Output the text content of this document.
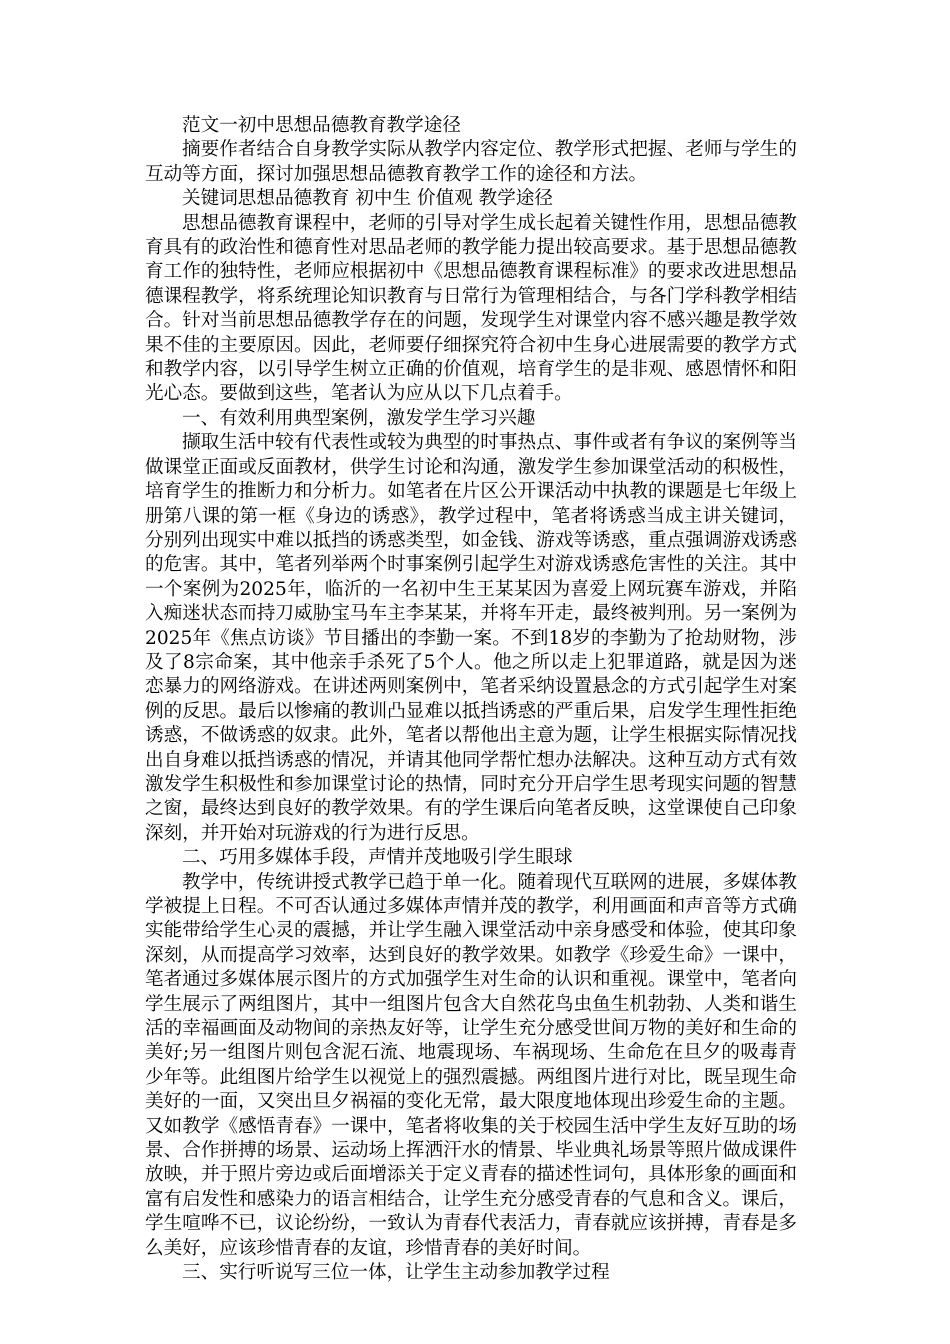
范文一初中思想品德教育教学途径

摘要作者结合自身教学实际从教学内容定位、教学形式把握、老师与学生的互动等方面，探讨加强思想品德教育教学工作的途径和方法。

关键词思想品德教育 初中生 价值观 教学途径

思想品德教育课程中，老师的引导对学生成长起着关键性作用，思想品德教育具有的政治性和德育性对思品老师的教学能力提出较高要求。基于思想品德教育工作的独特性，老师应根据初中《思想品德教育课程标准》的要求改进思想品德课程教学，将系统理论知识教育与日常行为管理相结合，与各门学科教学相结合。针对当前思想品德教学存在的问题，发现学生对课堂内容不感兴趣是教学效果不佳的主要原因。因此，老师要仔细探究符合初中生身心进展需要的教学方式和教学内容，以引导学生树立正确的价值观，培育学生的是非观、感恩情怀和阳光心态。要做到这些，笔者认为应从以下几点着手。

一、有效利用典型案例，激发学生学习兴趣

撷取生活中较有代表性或较为典型的时事热点、事件或者有争议的案例等当做课堂正面或反面教材，供学生讨论和沟通，激发学生参加课堂活动的积极性，培育学生的推断力和分析力。如笔者在片区公开课活动中执教的课题是七年级上册第八课的第一框《身边的诱惑》，教学过程中，笔者将诱惑当成主讲关键词，分别列出现实中难以抵挡的诱惑类型，如金钱、游戏等诱惑，重点强调游戏诱惑的危害。其中，笔者列举两个时事案例引起学生对游戏诱惑危害性的关注。其中一个案例为2025年，临沂的一名初中生王某某因为喜爱上网玩赛车游戏，并陷入痴迷状态而持刀威胁宝马车主李某某，并将车开走，最终被判刑。另一案例为2025年《焦点访谈》节目播出的李勤一案。不到18岁的李勤为了抢劫财物，涉及了8宗命案，其中他亲手杀死了5个人。他之所以走上犯罪道路，就是因为迷恋暴力的网络游戏。在讲述两则案例中，笔者采纳设置悬念的方式引起学生对案例的反思。最后以惨痛的教训凸显难以抵挡诱惑的严重后果，启发学生理性拒绝诱惑，不做诱惑的奴隶。此外，笔者以帮他出主意为题，让学生根据实际情况找出自身难以抵挡诱惑的情况，并请其他同学帮忙想办法解决。这种互动方式有效激发学生积极性和参加课堂讨论的热情，同时充分开启学生思考现实问题的智慧之窗，最终达到良好的教学效果。有的学生课后向笔者反映，这堂课使自己印象深刻，并开始对玩游戏的行为进行反思。

二、巧用多媒体手段，声情并茂地吸引学生眼球

教学中，传统讲授式教学已趋于单一化。随着现代互联网的进展，多媒体教学被提上日程。不可否认通过多媒体声情并茂的教学，利用画面和声音等方式确实能带给学生心灵的震撼，并让学生融入课堂活动中亲身感受和体验，使其印象深刻，从而提高学习效率，达到良好的教学效果。如教学《珍爱生命》一课中，笔者通过多媒体展示图片的方式加强学生对生命的认识和重视。课堂中，笔者向学生展示了两组图片，其中一组图片包含大自然花鸟虫鱼生机勃勃、人类和谐生活的幸福画面及动物间的亲热友好等，让学生充分感受世间万物的美好和生命的美好;另一组图片则包含泥石流、地震现场、车祸现场、生命危在旦夕的吸毒青少年等。此组图片给学生以视觉上的强烈震撼。两组图片进行对比，既呈现生命美好的一面，又突出旦夕祸福的变化无常，最大限度地体现出珍爱生命的主题。又如教学《感悟青春》一课中，笔者将收集的关于校园生活中学生友好互助的场景、合作拼搏的场景、运动场上挥洒汗水的情景、毕业典礼场景等照片做成课件放映，并于照片旁边或后面增添关于定义青春的描述性词句，具体形象的画面和富有启发性和感染力的语言相结合，让学生充分感受青春的气息和含义。课后，学生喧哗不已，议论纷纷，一致认为青春代表活力，青春就应该拼搏，青春是多么美好，应该珍惜青春的友谊，珍惜青春的美好时间。

三、实行听说写三位一体，让学生主动参加教学过程
